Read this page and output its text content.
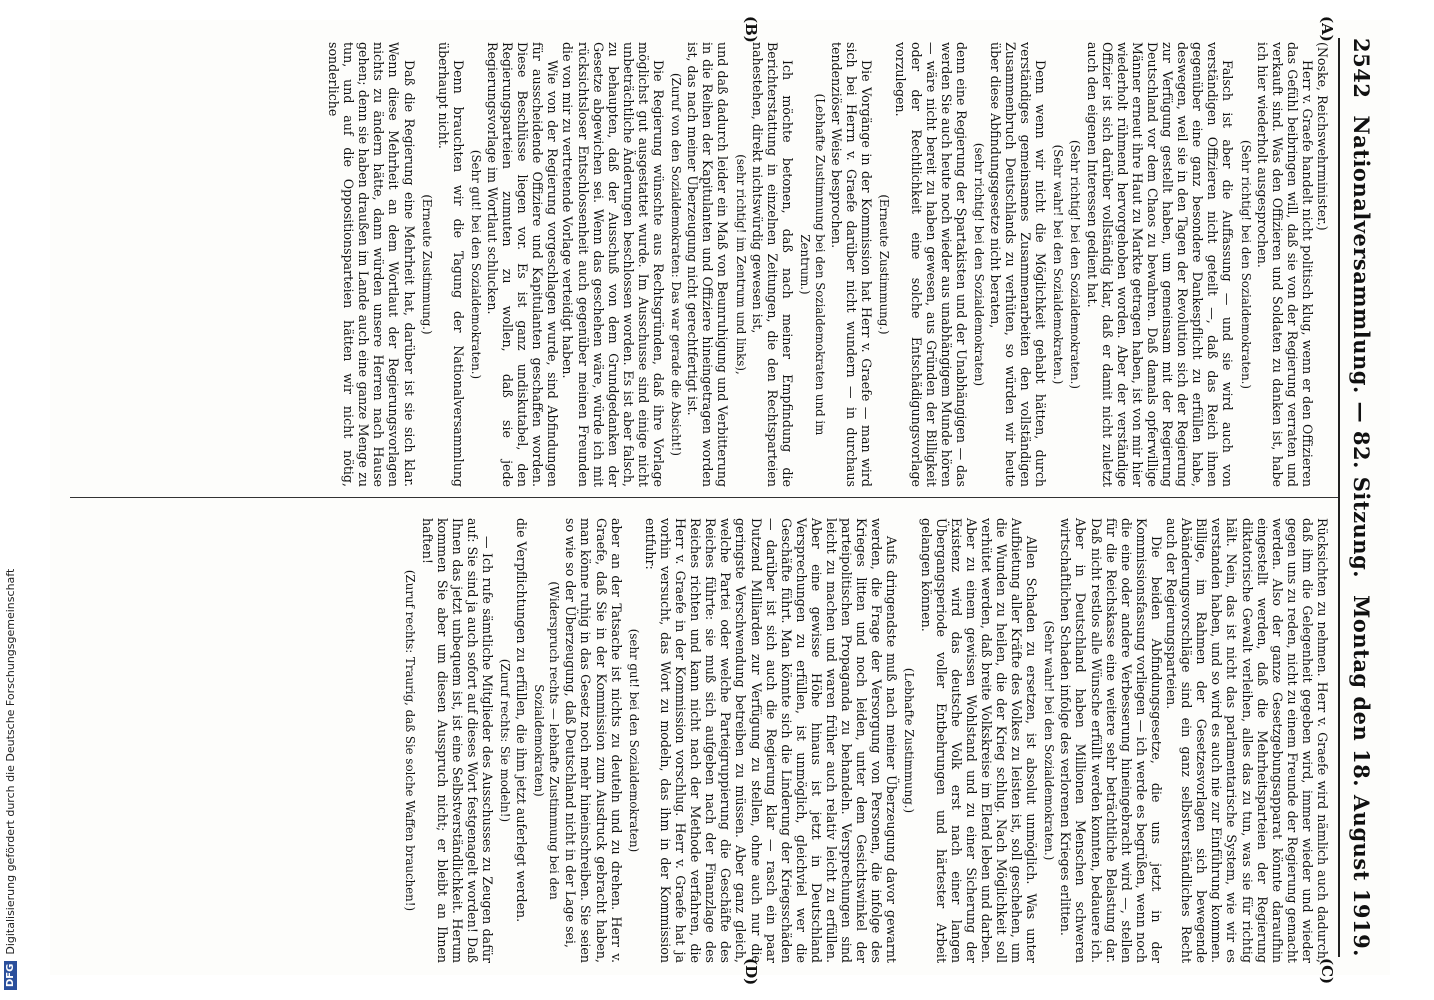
2542
Nationalversammlung. — 82. Sitzung.
Montag den 18. August 1919.
(A)
(B)
(C)
(D)

(Noske, Reichswehrminister.)

Herr v. Graefe handelt nicht politisch klug, wenn er den Offizieren das Gefühl beibringen will, daß sie von der Regierung verraten und verkauft sind. Was den Offizieren und Soldaten zu danken ist, habe ich hier wiederholt ausgesprochen.

(Sehr richtig! bei den Sozialdemokraten.)

Falsch ist aber die Auffassung — und sie wird auch von verständigen Offizieren nicht geteilt —, daß das Reich ihnen gegenüber eine ganz besondere Dankespflicht zu erfüllen habe, deswegen, weil sie in den Tagen der Revolution sich der Regierung zur Verfügung gestellt haben, um gemeinsam mit der Regierung Deutschland vor dem Chaos zu bewahren. Daß damals opferwillige Männer erneut ihre Haut zu Markte getragen haben, ist von mir hier wiederholt rühmend hervorgehoben worden. Aber der verständige Offizier ist sich darüber vollständig klar, daß er damit nicht zuletzt auch den eigenen Interessen gedient hat.

(Sehr richtig! bei den Sozialdemokraten.)

(Sehr wahr! bei den Sozialdemokraten.)

Denn wenn wir nicht die Möglichkeit gehabt hätten, durch verständiges gemeinsames Zusammenarbeiten den vollständigen Zusammenbruch Deutschlands zu verhüten, so würden wir heute über diese Abfindungsgesetze nicht beraten,

(sehr richtig! bei den Sozialdemokraten)

denn eine Regierung der Spartakisten und der Unabhängigen — das werden Sie auch heute noch wieder aus unabhängigem Munde hören — wäre nicht bereit zu haben gewesen, aus Gründen der Billigkeit oder der Rechtlichkeit eine solche Entschädigungsvorlage vorzulegen.

(Erneute Zustimmung.)

Die Vorgänge in der Kommission hat Herr v. Graefe — man wird sich bei Herrn v. Graefe darüber nicht wundern — in durchaus tendenziöser Weise besprochen.

(Lebhafte Zustimmung bei den Sozialdemokraten und im Zentrum.)

Ich möchte betonen, daß nach meiner Empfindung die Berichterstattung in einzelnen Zeitungen, die den Rechtsparteien nahestehen, direkt nichtswürdig gewesen ist,

(sehr richtig! im Zentrum und links),

und daß dadurch leider ein Maß von Beunruhigung und Verbitterung in die Reihen der Kapitulanten und Offiziere hineingetragen worden ist, das nach meiner Überzeugung nicht gerechtfertigt ist.

(Zuruf von den Sozialdemokraten: Das war gerade die Absicht!)

Die Regierung wünschte aus Rechtsgründen, daß ihre Vorlage möglichst gut ausgestattet wurde. Im Ausschusse sind einige nicht unbeträchtliche Änderungen beschlossen worden. Es ist aber falsch, zu behaupten, daß der Ausschuß von dem Grundgedanken der Gesetze abgewichen sei. Wenn das geschehen wäre, würde ich mit rücksichtsloser Entschlossenheit auch gegenüber meinen Freunden die von mir zu vertretende Vorlage verteidigt haben.

Wie von der Regierung vorgeschlagen wurde, sind Abfindungen für ausscheidende Offiziere und Kapitulanten geschaffen worden. Diese Beschlüsse liegen vor. Es ist ganz undiskutabel, den Regierungsparteien zumuten zu wollen, daß sie jede Regierungsvorlage im Wortlaut schlucken.

(Sehr gut! bei den Sozialdemokraten.)

Denn brauchten wir die Tagung der Nationalversammlung überhaupt nicht.

(Erneute Zustimmung.)

Daß die Regierung eine Mehrheit hat, darüber ist sie sich klar. Wenn diese Mehrheit an dem Wortlaut der Regierungsvorlagen nichts zu ändern hätte, dann würden unsere Herren nach Hause gehen; denn sie haben draußen im Lande auch eine ganze Menge zu tun, und auf die Oppositionsparteien hätten wir nicht nötig, sonderliche

Rücksichten zu nehmen. Herr v. Graefe wird nämlich auch dadurch, daß ihm die Gelegenheit gegeben wird, immer wieder und wieder gegen uns zu reden, nicht zu einem Freunde der Regierung gemacht werden. Also der ganze Gesetzgebungsapparat könnte daraufhin eingestellt werden, daß die Mehrheitsparteien der Regierung diktatorische Gewalt verleihen, alles das zu tun, was sie für richtig hält. Nein, das ist nicht das parlamentarische System, wie wir es verstanden haben, und so wird es auch nie zur Einführung kommen. Billige, im Rahmen der Gesetzesvorlagen sich bewegende Abänderungsvorschläge sind ein ganz selbstverständliches Recht auch der Regierungsparteien.

Die beiden Abfindungsgesetze, die uns jetzt in der Kommissionsfassung vorliegen — ich werde es begrüßen, wenn noch die eine oder andere Verbesserung hineingebracht wird —, stellen für die Reichskasse eine weitere sehr beträchtliche Belastung dar. Daß nicht restlos alle Wünsche erfüllt werden konnten, bedauere ich. Aber in Deutschland haben Millionen Menschen schweren wirtschaftlichen Schaden infolge des verlorenen Krieges erlitten.

(Sehr wahr! bei den Sozialdemokraten.)

Allen Schaden zu ersetzen, ist absolut unmöglich. Was unter Aufbietung aller Kräfte des Volkes zu leisten ist, soll geschehen, um die Wunden zu heilen, die der Krieg schlug. Nach Möglichkeit soll verhütet werden, daß breite Volkskreise im Elend leben und darben. Aber zu einem gewissen Wohlstand und zu einer Sicherung der Existenz wird das deutsche Volk erst nach einer langen Übergangsperiode voller Entbehrungen und härtester Arbeit gelangen können.

(Lebhafte Zustimmung.)

Aufs dringendste muß nach meiner Überzeugung davor gewarnt werden, die Frage der Versorgung von Personen, die infolge des Krieges litten und noch leiden, unter dem Gesichtswinkel der parteipolitischen Propaganda zu behandeln. Versprechungen sind leicht zu machen und waren früher auch relativ leicht zu erfüllen. Aber eine gewisse Höhe hinaus ist jetzt in Deutschland Versprechungen zu erfüllen, ist unmöglich, gleichviel wer die Geschäfte führt. Man könnte sich die Linderung der Kriegsschäden — darüber ist sich auch die Regierung klar — rasch ein paar Dutzend Milliarden zur Verfügung zu stellen, ohne auch nur die geringste Verschwendung betreiben zu müssen. Aber ganz gleich, welche Partei oder welche Parteigruppierung die Geschäfte des Reiches führte: sie muß sich aufgeben nach der Finanzlage des Reiches richten und kann nicht nach der Methode verfahren, die Herr v. Graefe in der Kommission vorschlug. Herr v. Graefe hat ja vorhin versucht, das Wort zu modeln, das ihm in der Kommission entfuhr:

(sehr gut! bei den Sozialdemokraten)

aber an der Tatsache ist nichts zu deuteln und zu drehen. Herr v. Graefe, daß Sie in der Kommission zum Ausdruck gebracht haben, man könne ruhig in das Gesetz noch mehr hineinschreiben. Sie seien so wie so der Überzeugung, daß Deutschland nicht in der Lage sei,

(Widerspruch rechts — lebhafte Zustimmung bei den Sozialdemokraten)

die Verpflichtungen zu erfüllen, die ihm jetzt auferlegt werden.

(Zuruf rechts: Sie modeln!)

— Ich rufe sämtliche Mitglieder des Ausschusses zu Zeugen dafür auf: Sie sind ja auch sofort auf dieses Wort festgenagelt worden! Daß Ihnen das jetzt unbequem ist, ist eine Selbstverständlichkeit. Herum kommen Sie aber um diesen Ausspruch nicht; er bleibt an Ihnen haften!

(Zuruf rechts: Traurig, daß Sie solche Waffen brauchen!)

DFG
Digitalisierung gefördert durch die Deutsche Forschungsgemeinschaft
